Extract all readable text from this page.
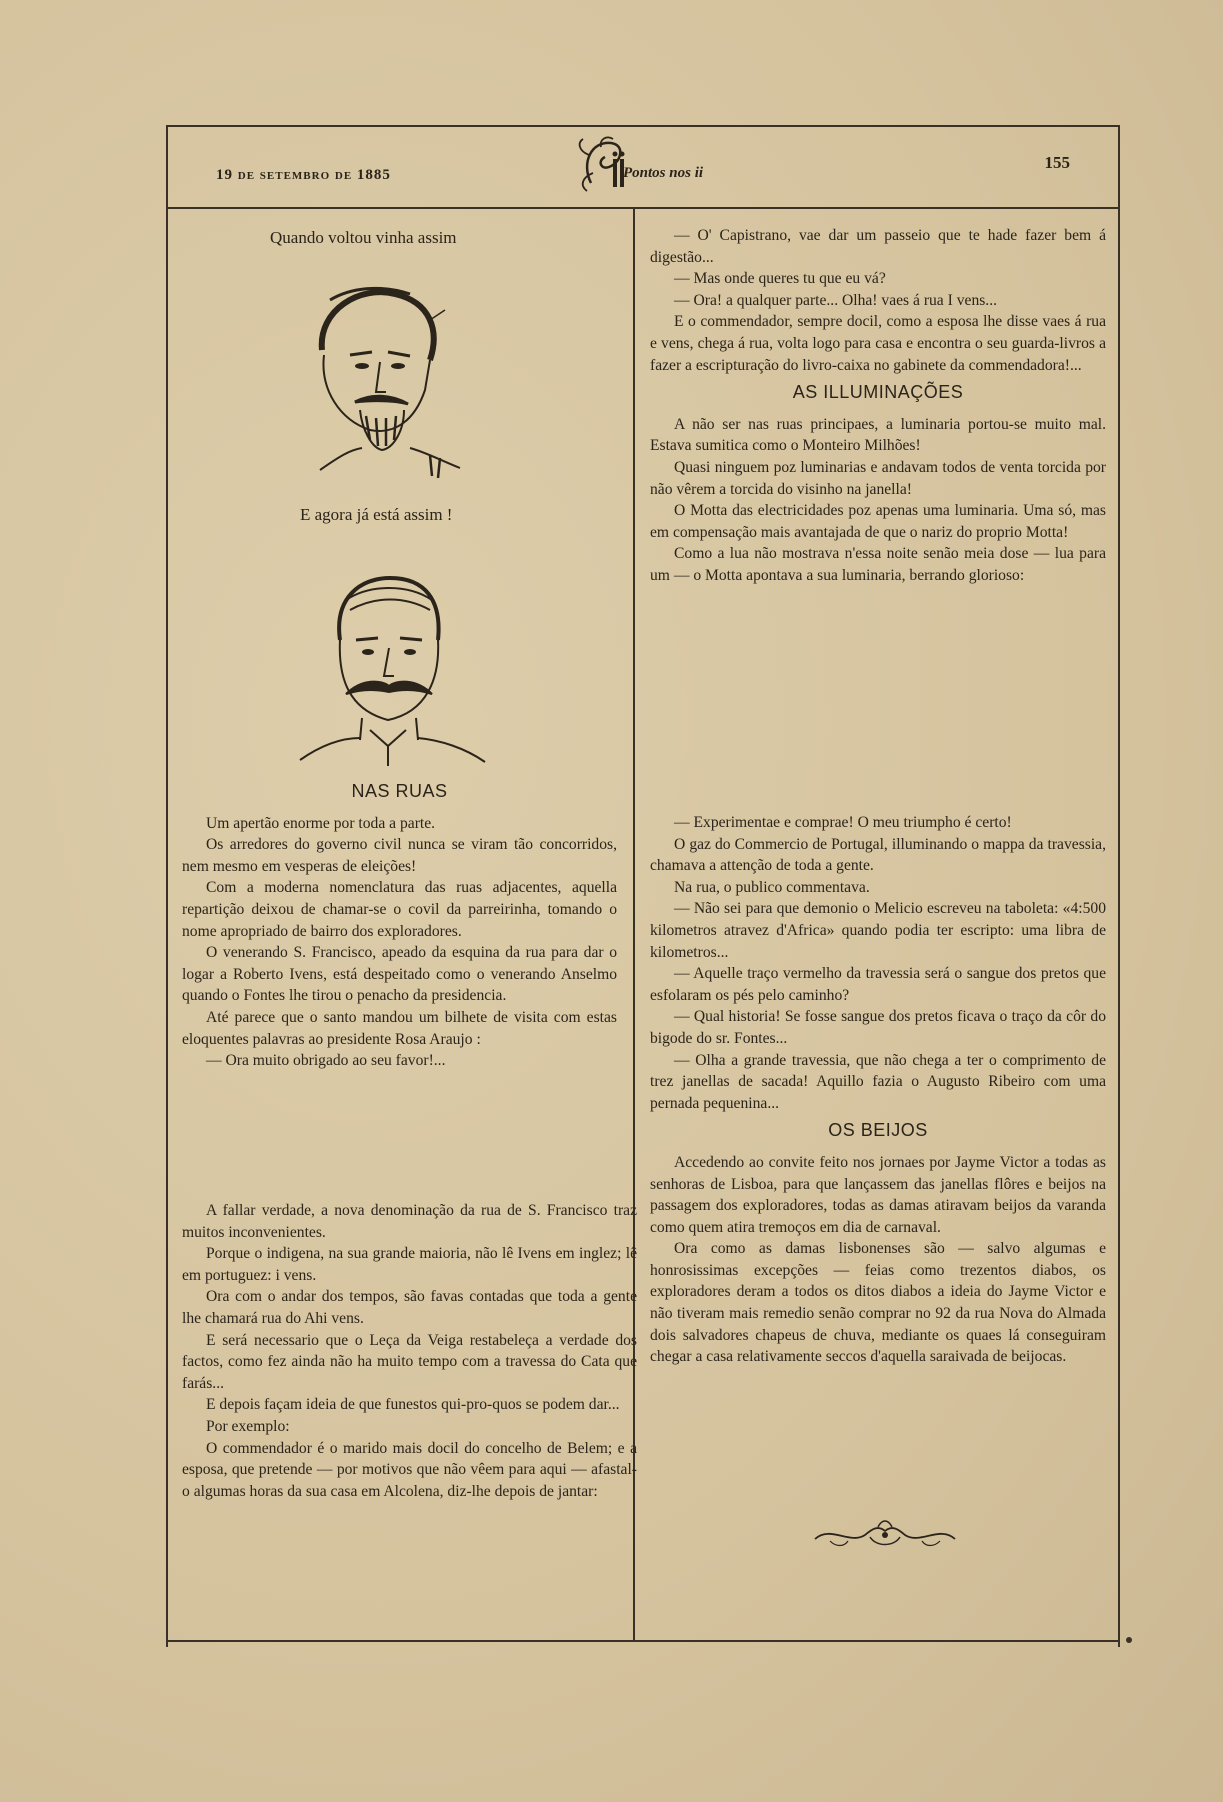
19 de setembro de 1885	Pontos nos ii
155
Quando voltou vinha assim
E agora já está assim !
NAS RUAS

Um apertão enorme por toda a parte.

Os arredores do governo civil nunca se viram tão concorridos, nem mesmo em vesperas de eleições!

Com a moderna nomenclatura das ruas adjacentes, aquella repartição deixou de chamar-se o covil da parreirinha, tomando o nome apropriado de bairro dos exploradores.

O venerando S. Francisco, apeado da esquina da rua para dar o logar a Roberto Ivens, está despeitado como o venerando Anselmo quando o Fontes lhe tirou o penacho da presidencia.

Até parece que o santo mandou um bilhete de visita com estas eloquentes palavras ao presidente Rosa Araujo :

— Ora muito obrigado ao seu favor!...

A fallar verdade, a nova denominação da rua de S. Francisco traz muitos inconvenientes.

Porque o indigena, na sua grande maioria, não lê Ivens em inglez; lê em portuguez: i vens.

Ora com o andar dos tempos, são favas contadas que toda a gente lhe chamará rua do Ahi vens.

E será necessario que o Leça da Veiga restabeleça a verdade dos factos, como fez ainda não ha muito tempo com a travessa do Cata que farás...

E depois façam ideia de que funestos qui-pro-quos se podem dar...

Por exemplo:

O commendador é o marido mais docil do concelho de Belem; e a esposa, que pretende — por motivos que não vêem para aqui — afastal-o algumas horas da sua casa em Alcolena, diz-lhe depois de jantar:

— O' Capistrano, vae dar um passeio que te hade fazer bem á digestão...

— Mas onde queres tu que eu vá?

— Ora! a qualquer parte... Olha! vaes á rua I vens...

E o commendador, sempre docil, como a esposa lhe disse vaes á rua e vens, chega á rua, volta logo para casa e encontra o seu guarda-livros a fazer a escripturação do livro-caixa no gabinete da commendadora!...

AS ILLUMINAÇÕES

A não ser nas ruas principaes, a luminaria portou-se muito mal. Estava sumitica como o Monteiro Milhões!

Quasi ninguem poz luminarias e andavam todos de venta torcida por não vêrem a torcida do visinho na janella!

O Motta das electricidades poz apenas uma luminaria. Uma só, mas em compensação mais avantajada de que o nariz do proprio Motta!

Como a lua não mostrava n'essa noite senão meia dose — lua para um — o Motta apontava a sua luminaria, berrando glorioso:

— Experimentae e comprae! O meu triumpho é certo!

O gaz do Commercio de Portugal, illuminando o mappa da travessia, chamava a attenção de toda a gente.

Na rua, o publico commentava.

— Não sei para que demonio o Melicio escreveu na taboleta: «4:500 kilometros atravez d'Africa» quando podia ter escripto: uma libra de kilometros...

— Aquelle traço vermelho da travessia será o sangue dos pretos que esfolaram os pés pelo caminho?

— Qual historia! Se fosse sangue dos pretos ficava o traço da côr do bigode do sr. Fontes...

— Olha a grande travessia, que não chega a ter o comprimento de trez janellas de sacada! Aquillo fazia o Augusto Ribeiro com uma pernada pequenina...

OS BEIJOS

Accedendo ao convite feito nos jornaes por Jayme Victor a todas as senhoras de Lisboa, para que lançassem das janellas flôres e beijos na passagem dos exploradores, todas as damas atiravam beijos da varanda como quem atira tremoços em dia de carnaval.

Ora como as damas lisbonenses são — salvo algumas e honrosissimas excepções — feias como trezentos diabos, os exploradores deram a todos os ditos diabos a ideia do Jayme Victor e não tiveram mais remedio senão comprar no 92 da rua Nova do Almada dois salvadores chapeus de chuva, mediante os quaes lá conseguiram chegar a casa relativamente seccos d'aquella saraivada de beijocas.
